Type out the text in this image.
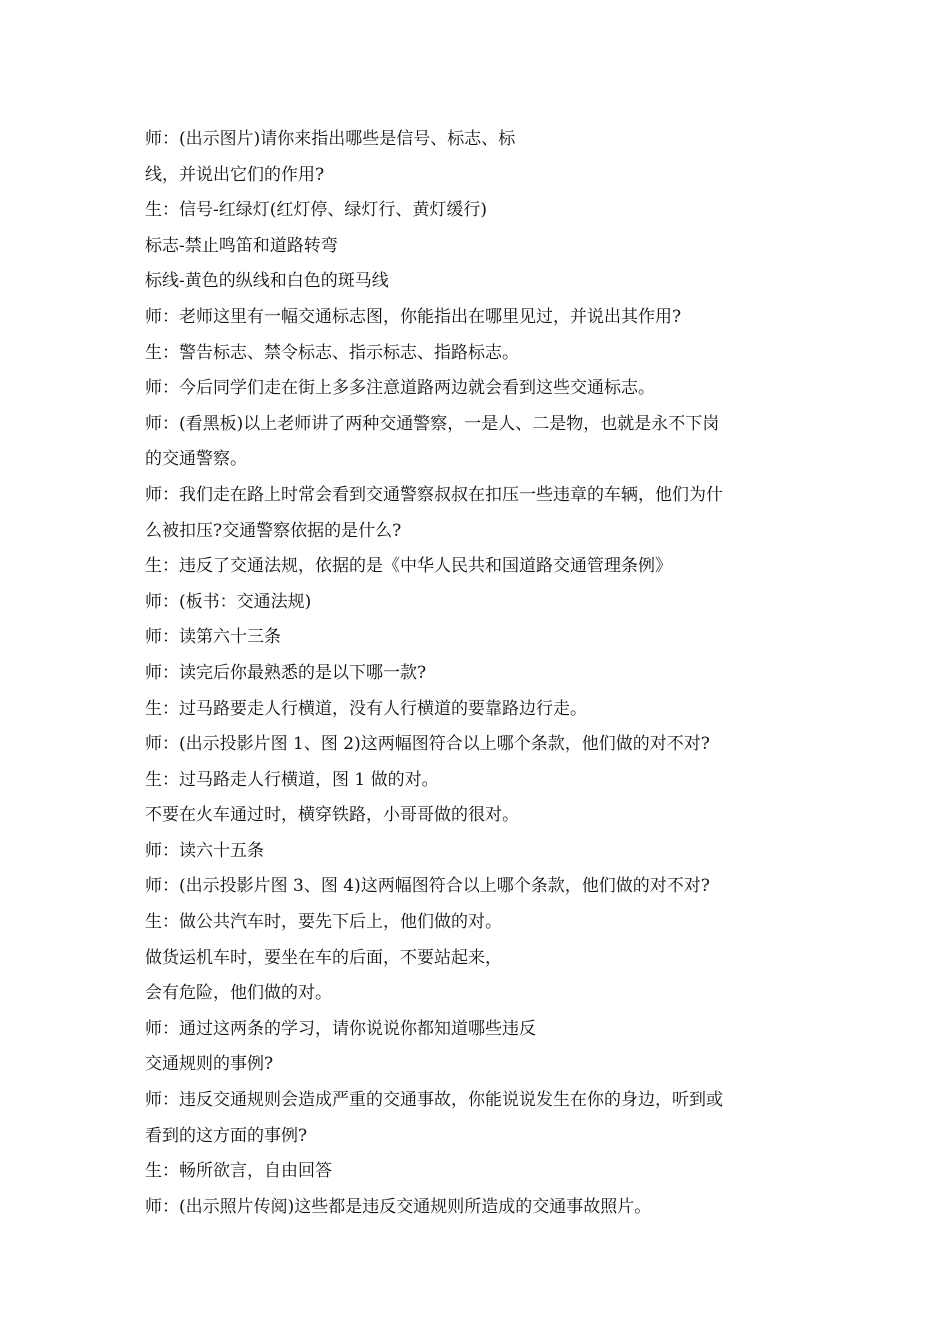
师：(出示图片)请你来指出哪些是信号、标志、标
线，并说出它们的作用?
生：信号-红绿灯(红灯停、绿灯行、黄灯缓行)
标志-禁止鸣笛和道路转弯
标线-黄色的纵线和白色的斑马线
师：老师这里有一幅交通标志图，你能指出在哪里见过，并说出其作用?
生：警告标志、禁令标志、指示标志、指路标志。
师：今后同学们走在街上多多注意道路两边就会看到这些交通标志。
师：(看黑板)以上老师讲了两种交通警察，一是人、二是物，也就是永不下岗
的交通警察。
师：我们走在路上时常会看到交通警察叔叔在扣压一些违章的车辆，他们为什
么被扣压?交通警察依据的是什么?
生：违反了交通法规，依据的是《中华人民共和国道路交通管理条例》
师：(板书：交通法规)
师：读第六十三条
师：读完后你最熟悉的是以下哪一款?
生：过马路要走人行横道，没有人行横道的要靠路边行走。
师：(出示投影片图 1、图 2)这两幅图符合以上哪个条款，他们做的对不对?
生：过马路走人行横道，图 1 做的对。
不要在火车通过时，横穿铁路，小哥哥做的很对。
师：读六十五条
师：(出示投影片图 3、图 4)这两幅图符合以上哪个条款，他们做的对不对?
生：做公共汽车时，要先下后上，他们做的对。
做货运机车时，要坐在车的后面，不要站起来，
会有危险，他们做的对。
师：通过这两条的学习，请你说说你都知道哪些违反
交通规则的事例?
师：违反交通规则会造成严重的交通事故，你能说说发生在你的身边，听到或
看到的这方面的事例?
生：畅所欲言，自由回答
师：(出示照片传阅)这些都是违反交通规则所造成的交通事故照片。
